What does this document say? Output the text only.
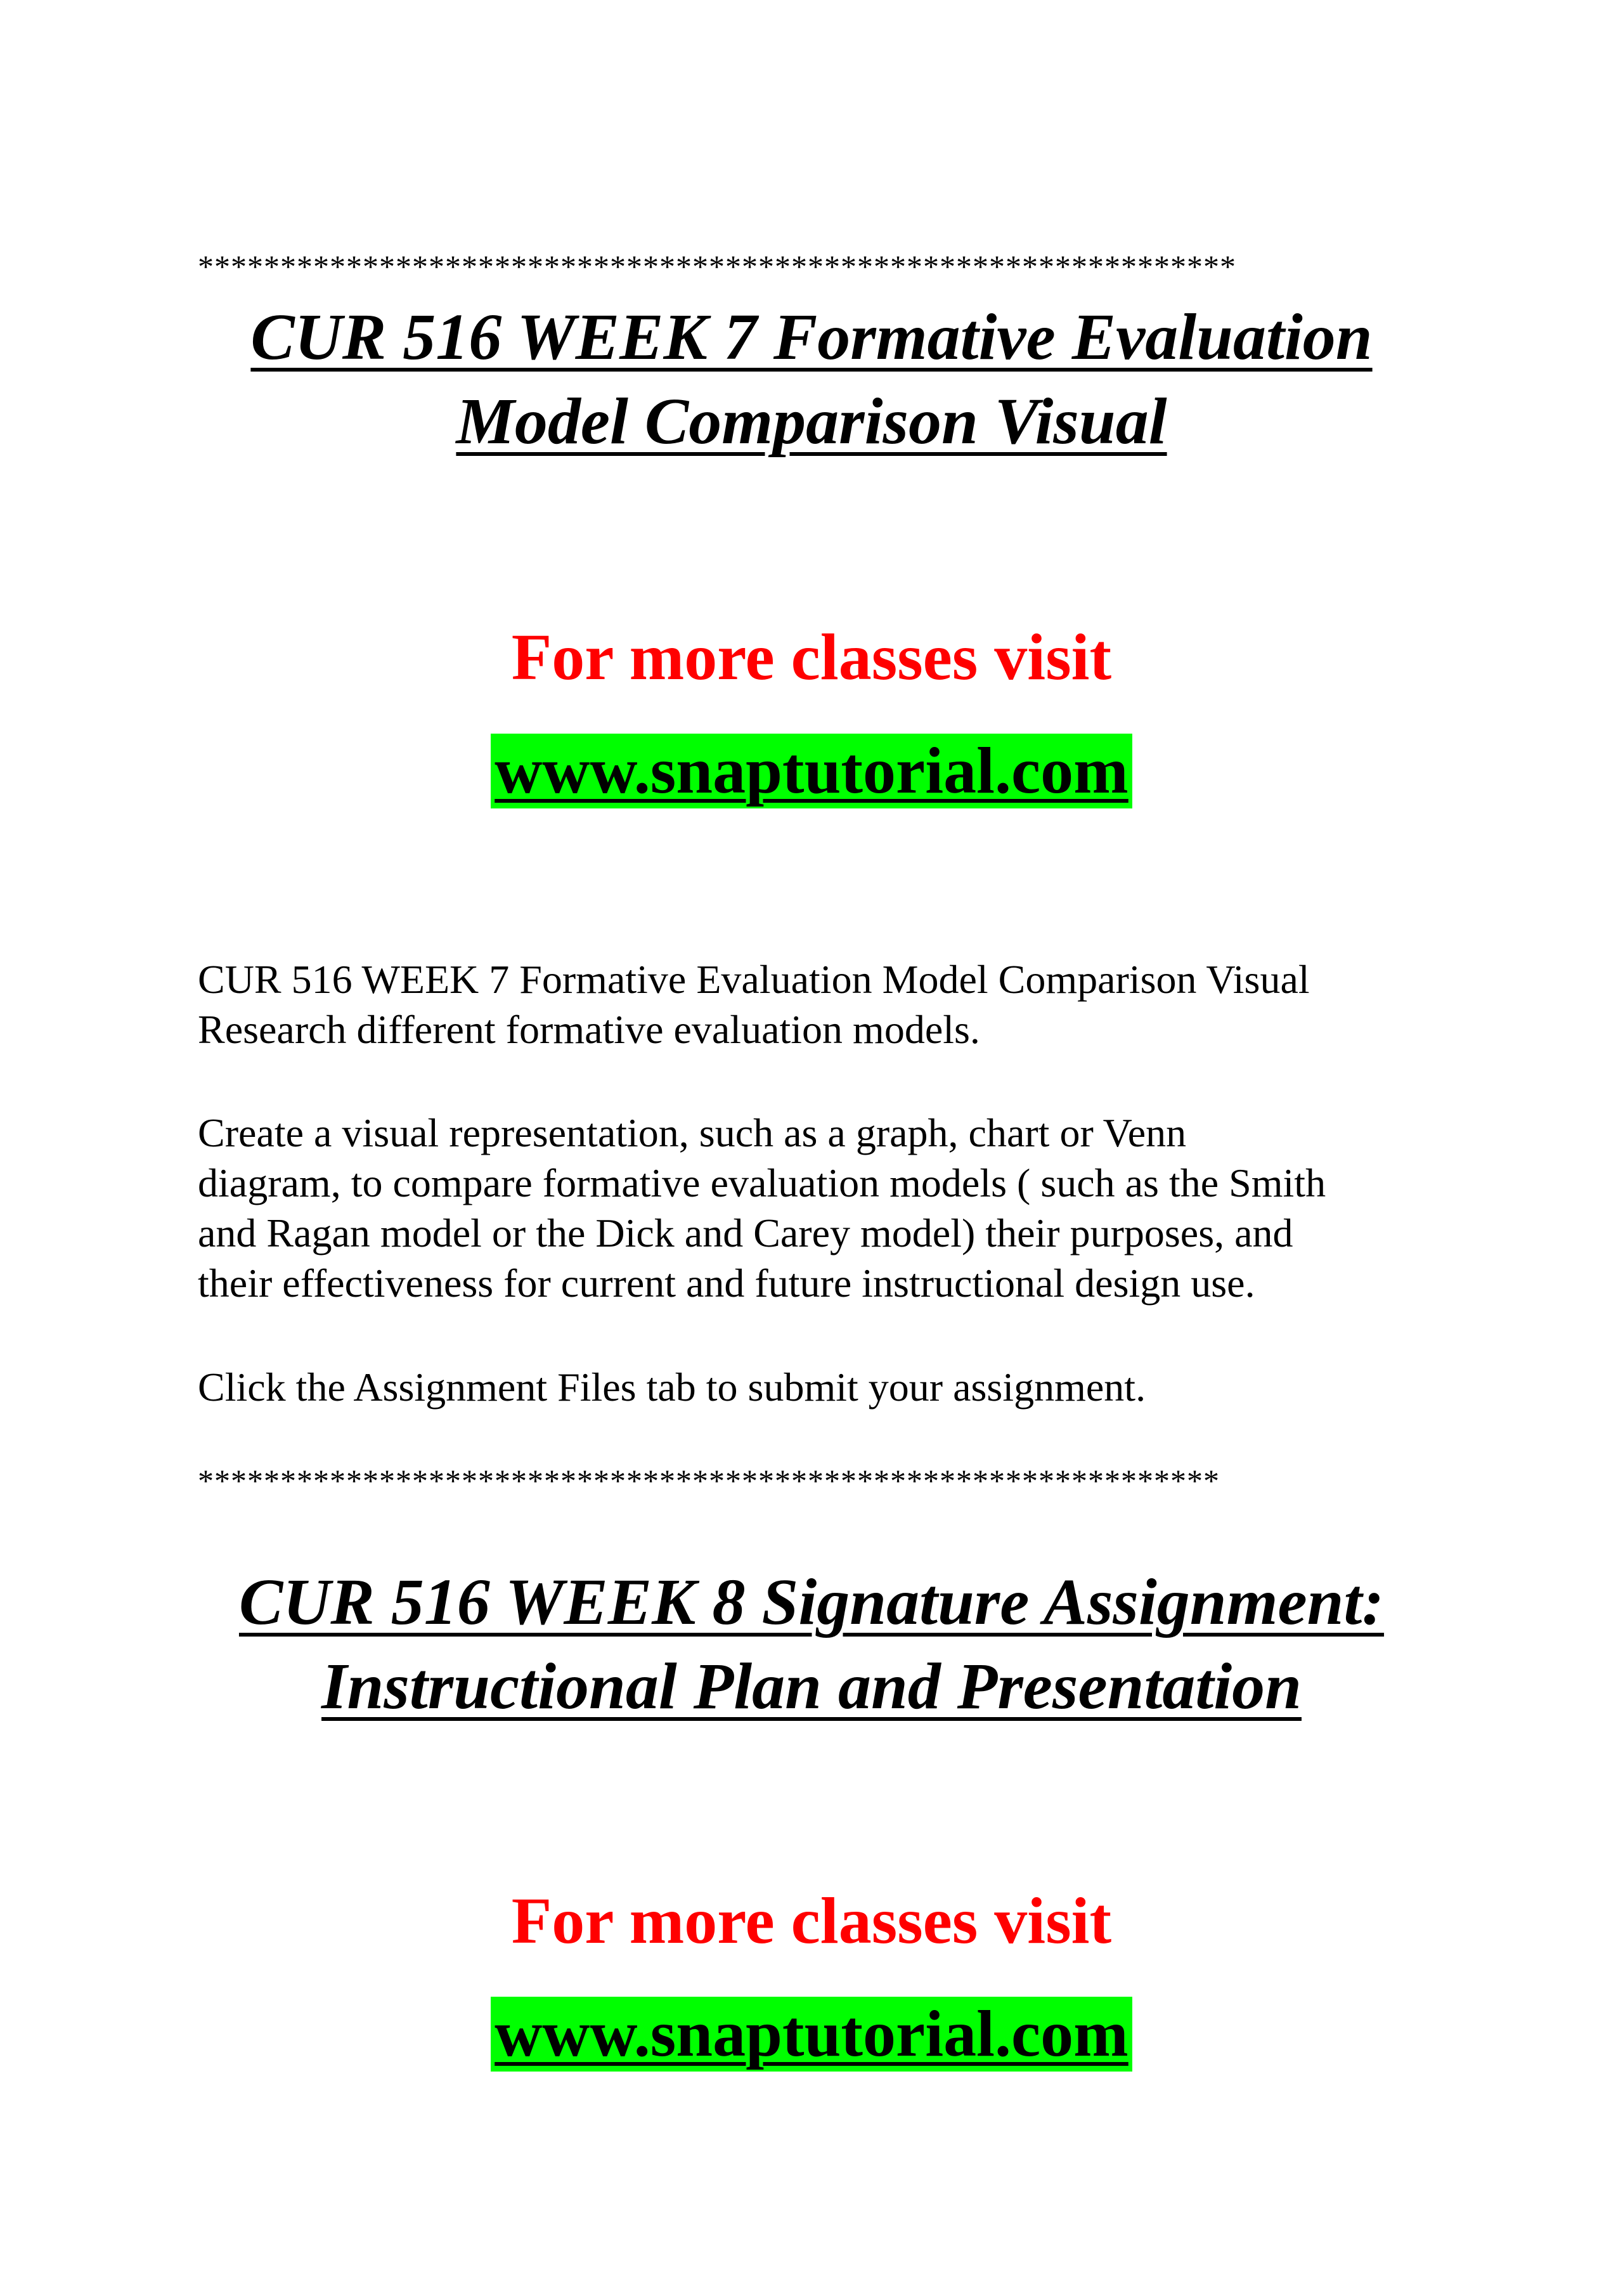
***************************************************************
CUR 516 WEEK 7 Formative Evaluation
Model Comparison Visual
For more classes visit
www.snaptutorial.com
CUR 516 WEEK 7 Formative Evaluation Model Comparison Visual
Research different formative evaluation models.
Create a visual representation, such as a graph, chart or Venn
diagram, to compare formative evaluation models ( such as the Smith
and Ragan model or the Dick and Carey model) their purposes, and
their effectiveness for current and future instructional design use.
Click the Assignment Files tab to submit your assignment.
**************************************************************
CUR 516 WEEK 8 Signature Assignment:
Instructional Plan and Presentation
For more classes visit
www.snaptutorial.com
